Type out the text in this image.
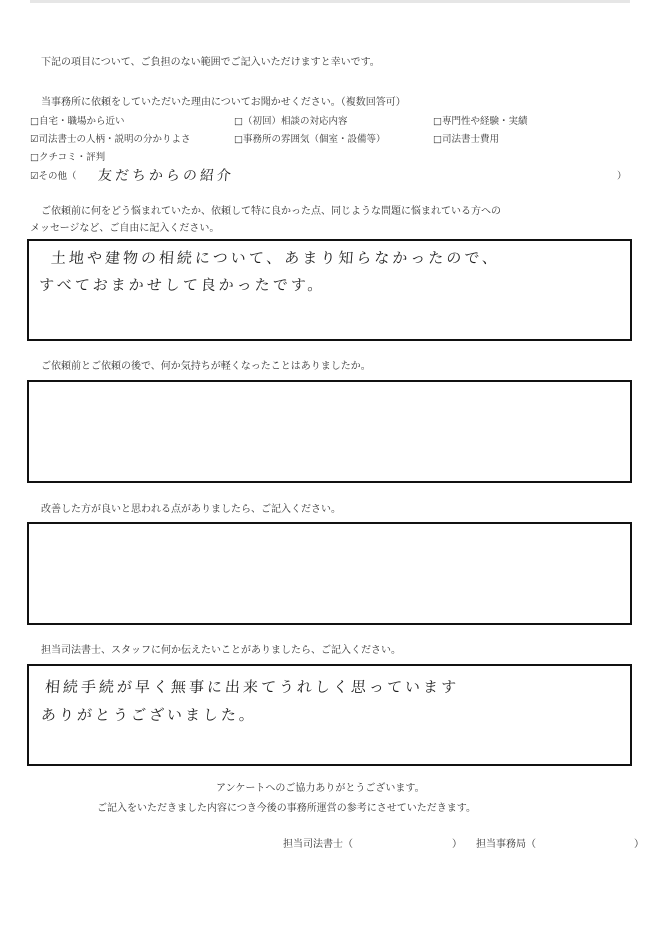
下記の項目について、ご負担のない範囲でご記入いただけますと幸いです。
当事務所に依頼をしていただいた理由についてお聞かせください。（複数回答可）
□自宅・職場から近い	□（初回）相談の対応内容	□専門性や経験・実績
☑司法書士の人柄・説明の分かりよさ	□事務所の雰囲気（個室・設備等）	□司法書士費用
□クチコミ・評判
☑その他（ 友だちからの紹介	）
ご依頼前に何をどう悩まれていたか、依頼して特に良かった点、同じような問題に悩まれている方への
メッセージなど、ご自由に記入ください。
土地や建物の相続について、あまり知らなかったので、
すべておまかせして良かったです。
ご依頼前とご依頼の後で、何か気持ちが軽くなったことはありましたか。
改善した方が良いと思われる点がありましたら、ご記入ください。
担当司法書士、スタッフに何か伝えたいことがありましたら、ご記入ください。
相続手続が早く無事に出来てうれしく思っています
ありがとうございました。
アンケートへのご協力ありがとうございます。
ご記入をいただきました内容につき今後の事務所運営の参考にさせていただきます。
担当司法書士（	） 担当事務局（	）
